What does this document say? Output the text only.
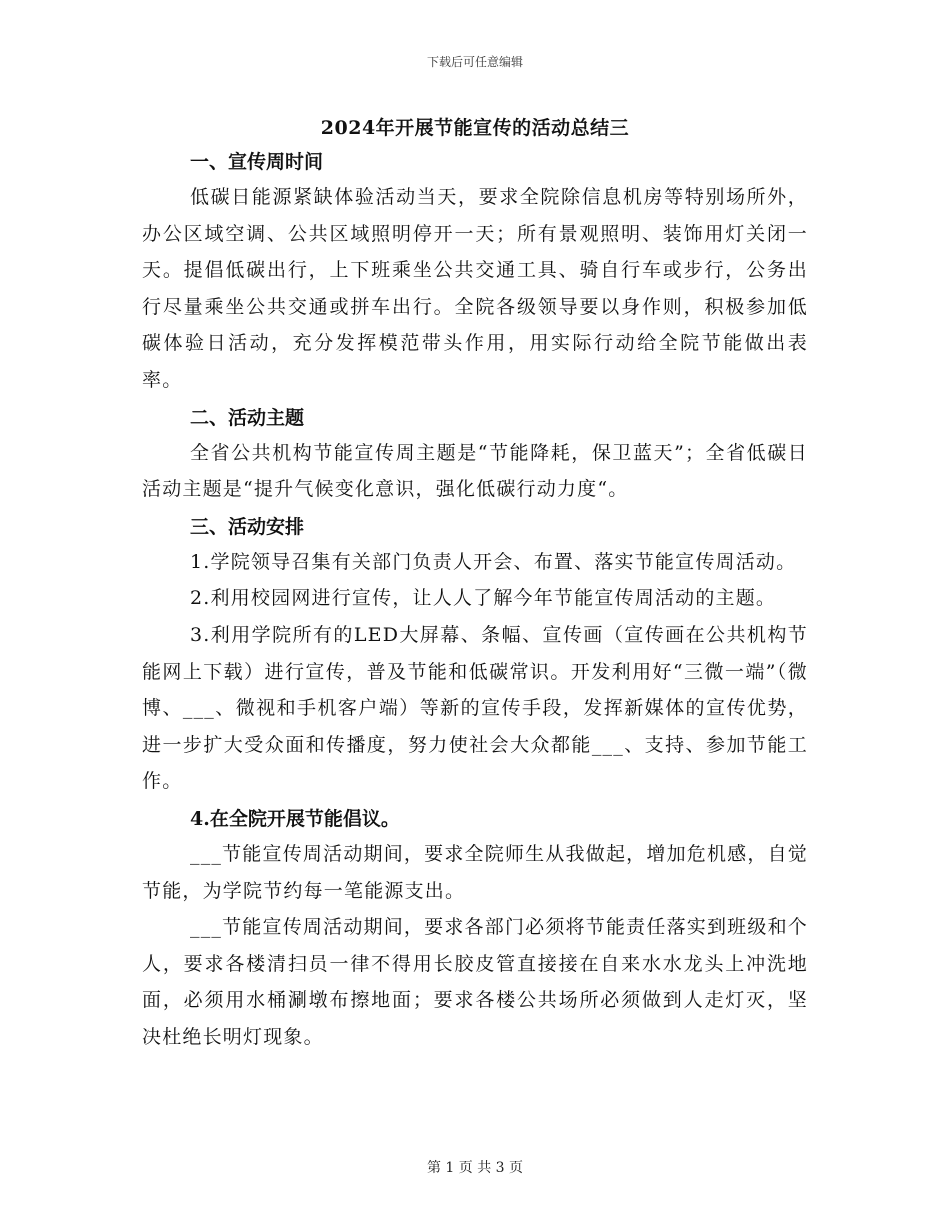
下载后可任意编辑
2024年开展节能宣传的活动总结三
一、宣传周时间

低碳日能源紧缺体验活动当天，要求全院除信息机房等特别场所外，办公区域空调、公共区域照明停开一天；所有景观照明、装饰用灯关闭一天。提倡低碳出行，上下班乘坐公共交通工具、骑自行车或步行，公务出行尽量乘坐公共交通或拼车出行。全院各级领导要以身作则，积极参加低碳体验日活动，充分发挥模范带头作用，用实际行动给全院节能做出表率。

二、活动主题

全省公共机构节能宣传周主题是“节能降耗，保卫蓝天”；全省低碳日活动主题是“提升气候变化意识，强化低碳行动力度“。

三、活动安排

1.学院领导召集有关部门负责人开会、布置、落实节能宣传周活动。

2.利用校园网进行宣传，让人人了解今年节能宣传周活动的主题。

3.利用学院所有的LED大屏幕、条幅、宣传画（宣传画在公共机构节能网上下载）进行宣传，普及节能和低碳常识。开发利用好“三微一端”（微博、___、微视和手机客户端）等新的宣传手段，发挥新媒体的宣传优势，进一步扩大受众面和传播度，努力使社会大众都能___、支持、参加节能工作。

4.在全院开展节能倡议。

___节能宣传周活动期间，要求全院师生从我做起，增加危机感，自觉节能，为学院节约每一笔能源支出。

___节能宣传周活动期间，要求各部门必须将节能责任落实到班级和个人，要求各楼清扫员一律不得用长胶皮管直接接在自来水水龙头上冲洗地面，必须用水桶涮墩布擦地面；要求各楼公共场所必须做到人走灯灭，坚决杜绝长明灯现象。

第 1 页 共 3 页
